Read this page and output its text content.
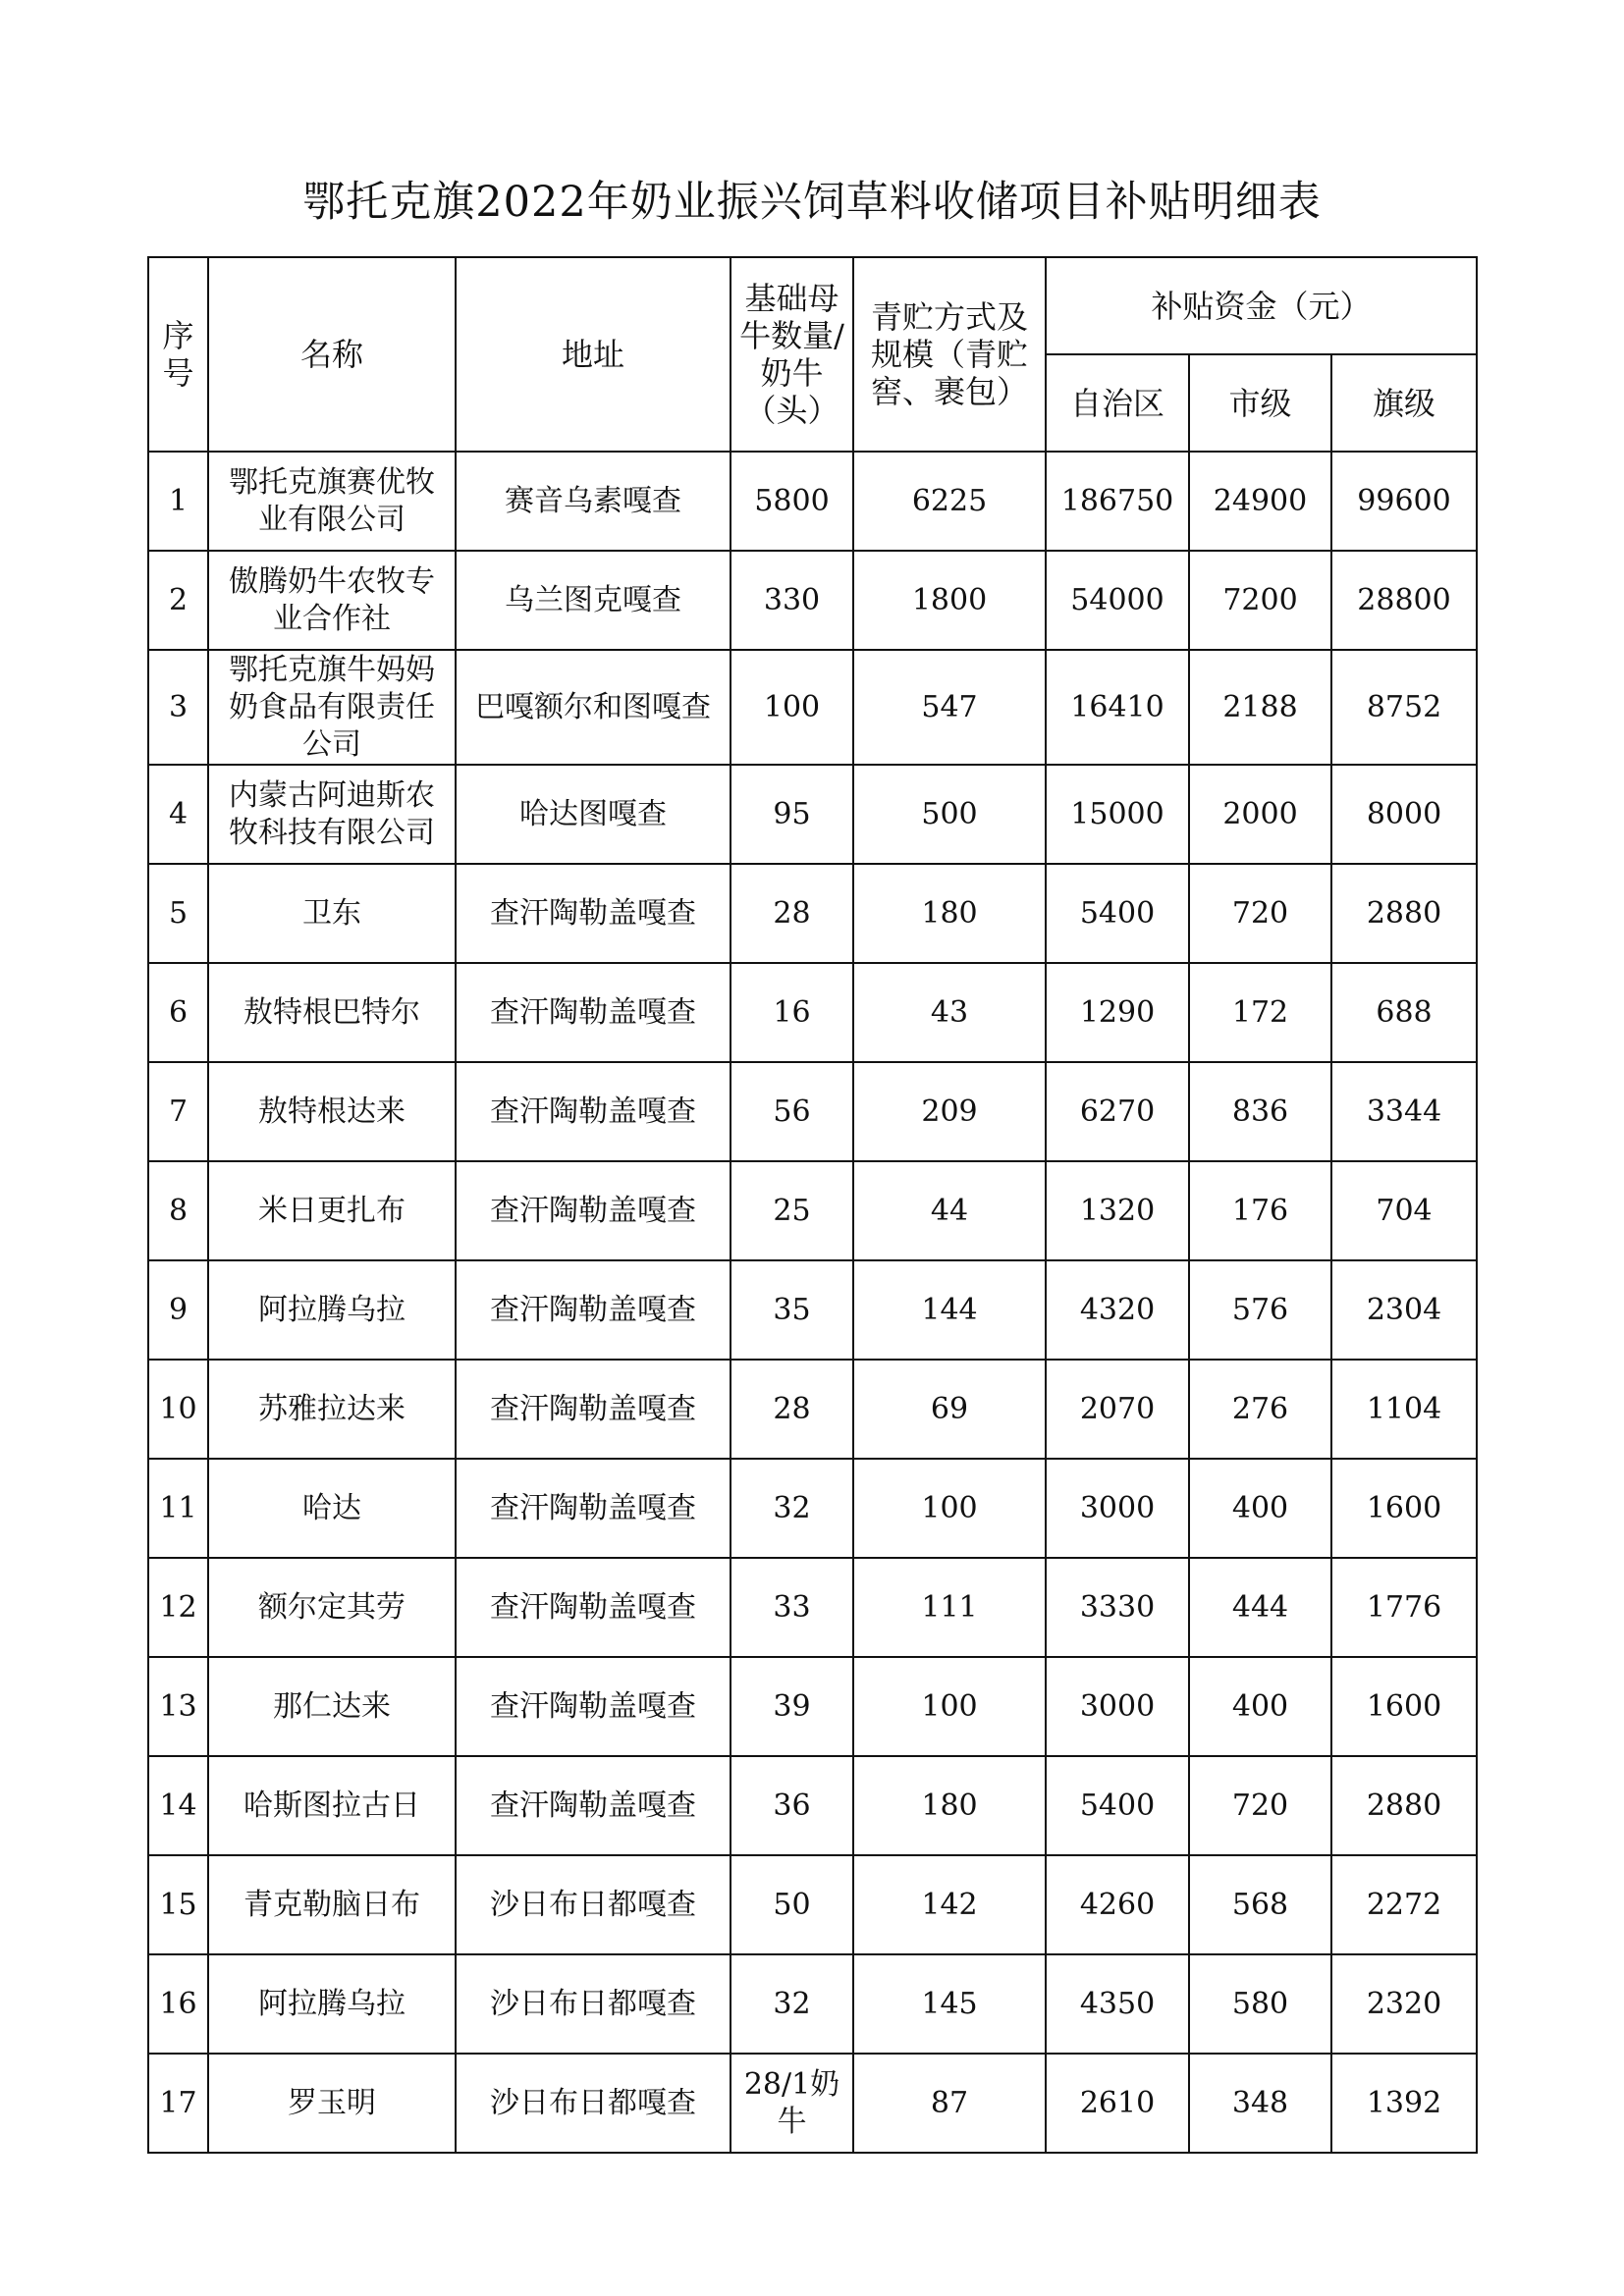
鄂托克旗2022年奶业振兴饲草料收储项目补贴明细表
序号	名称	地址	基础母牛数量/奶牛（头）	青贮方式及规模（青贮窖、裹包）	补贴资金（元）		
					自治区	市级	旗级
1	鄂托克旗赛优牧业有限公司	赛音乌素嘎查	5800	6225	186750	24900	99600
2	傲腾奶牛农牧专业合作社	乌兰图克嘎查	330	1800	54000	7200	28800
3	鄂托克旗牛妈妈奶食品有限责任公司	巴嘎额尔和图嘎查	100	547	16410	2188	8752
4	内蒙古阿迪斯农牧科技有限公司	哈达图嘎查	95	500	15000	2000	8000
5	卫东	查汗陶勒盖嘎查	28	180	5400	720	2880
6	敖特根巴特尔	查汗陶勒盖嘎查	16	43	1290	172	688
7	敖特根达来	查汗陶勒盖嘎查	56	209	6270	836	3344
8	米日更扎布	查汗陶勒盖嘎查	25	44	1320	176	704
9	阿拉腾乌拉	查汗陶勒盖嘎查	35	144	4320	576	2304
10	苏雅拉达来	查汗陶勒盖嘎查	28	69	2070	276	1104
11	哈达	查汗陶勒盖嘎查	32	100	3000	400	1600
12	额尔定其劳	查汗陶勒盖嘎查	33	111	3330	444	1776
13	那仁达来	查汗陶勒盖嘎查	39	100	3000	400	1600
14	哈斯图拉古日	查汗陶勒盖嘎查	36	180	5400	720	2880
15	青克勒脑日布	沙日布日都嘎查	50	142	4260	568	2272
16	阿拉腾乌拉	沙日布日都嘎查	32	145	4350	580	2320
17	罗玉明	沙日布日都嘎查	28/1奶牛	87	2610	348	1392
